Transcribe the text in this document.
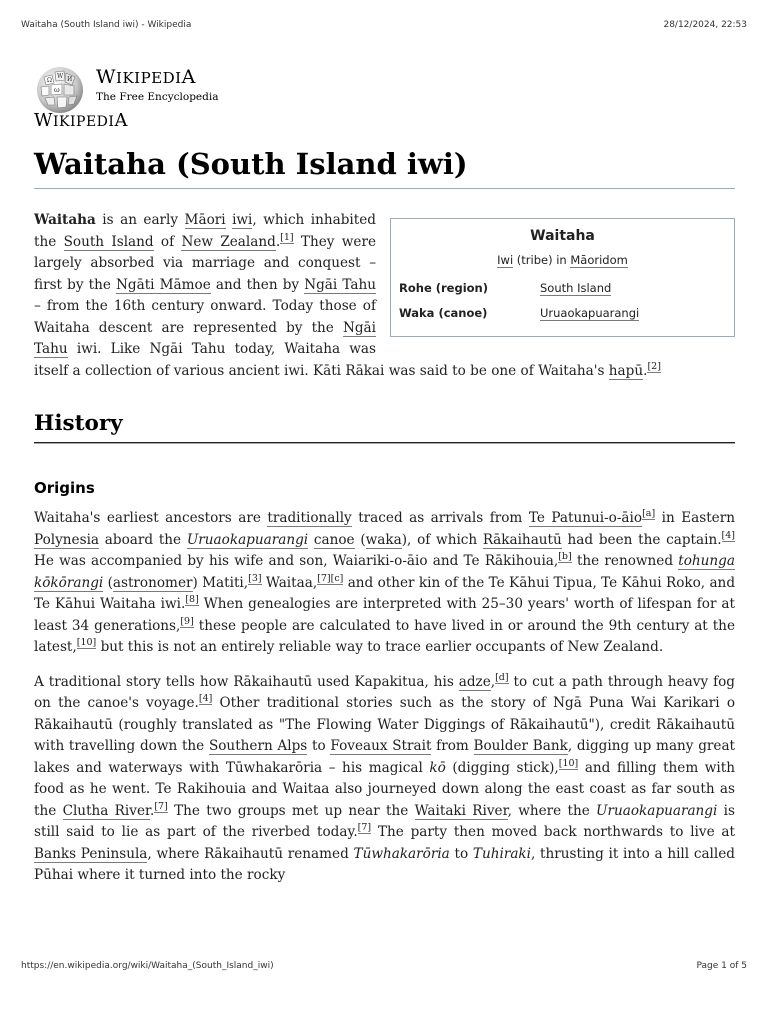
Waitaha (South Island iwi) - Wikipedia	28/12/2024, 22:53
Ω
W И
ω
WIKIPEDIA
The Free Encyclopedia
WIKIPEDIA
Waitaha (South Island iwi)
Waitaha
Iwi (tribe) in Māoridom
Rohe (region)	South Island
Waka (canoe)	Uruaokapuarangi

Waitaha is an early Māori iwi, which inhabited the South Island of New Zealand.[1] They were largely absorbed via marriage and conquest – first by the Ngāti Māmoe and then by Ngāi Tahu – from the 16th century onward. Today those of Waitaha descent are represented by the Ngāi Tahu iwi. Like Ngāi Tahu today, Waitaha was itself a collection of various ancient iwi. Kāti Rākai was said to be one of Waitaha's hapū.[2]

History
Origins

Waitaha's earliest ancestors are traditionally traced as arrivals from Te Patunui-o-āio[a] in Eastern Polynesia aboard the Uruaokapuarangi canoe (waka), of which Rākaihautū had been the captain.[4] He was accompanied by his wife and son, Waiariki-o-āio and Te Rākihouia,[b] the renowned tohunga kōkōrangi (astronomer) Matiti,[3] Waitaa,[7][c] and other kin of the Te Kāhui Tipua, Te Kāhui Roko, and Te Kāhui Waitaha iwi.[8] When genealogies are interpreted with 25–30 years' worth of lifespan for at least 34 generations,[9] these people are calculated to have lived in or around the 9th century at the latest,[10] but this is not an entirely reliable way to trace earlier occupants of New Zealand.

A traditional story tells how Rākaihautū used Kapakitua, his adze,[d] to cut a path through heavy fog on the canoe's voyage.[4] Other traditional stories such as the story of Ngā Puna Wai Karikari o Rākaihautū (roughly translated as "The Flowing Water Diggings of Rākaihautū"), credit Rākaihautū with travelling down the Southern Alps to Foveaux Strait from Boulder Bank, digging up many great lakes and waterways with Tūwhakarōria – his magical kō (digging stick),[10] and filling them with food as he went. Te Rakihouia and Waitaa also journeyed down along the east coast as far south as the Clutha River.[7] The two groups met up near the Waitaki River, where the Uruaokapuarangi is still said to lie as part of the riverbed today.[7] The party then moved back northwards to live at Banks Peninsula, where Rākaihautū renamed Tūwhakarōria to Tuhiraki, thrusting it into a hill called Pūhai where it turned into the rocky

https://en.wikipedia.org/wiki/Waitaha_(South_Island_iwi)	Page 1 of 5
